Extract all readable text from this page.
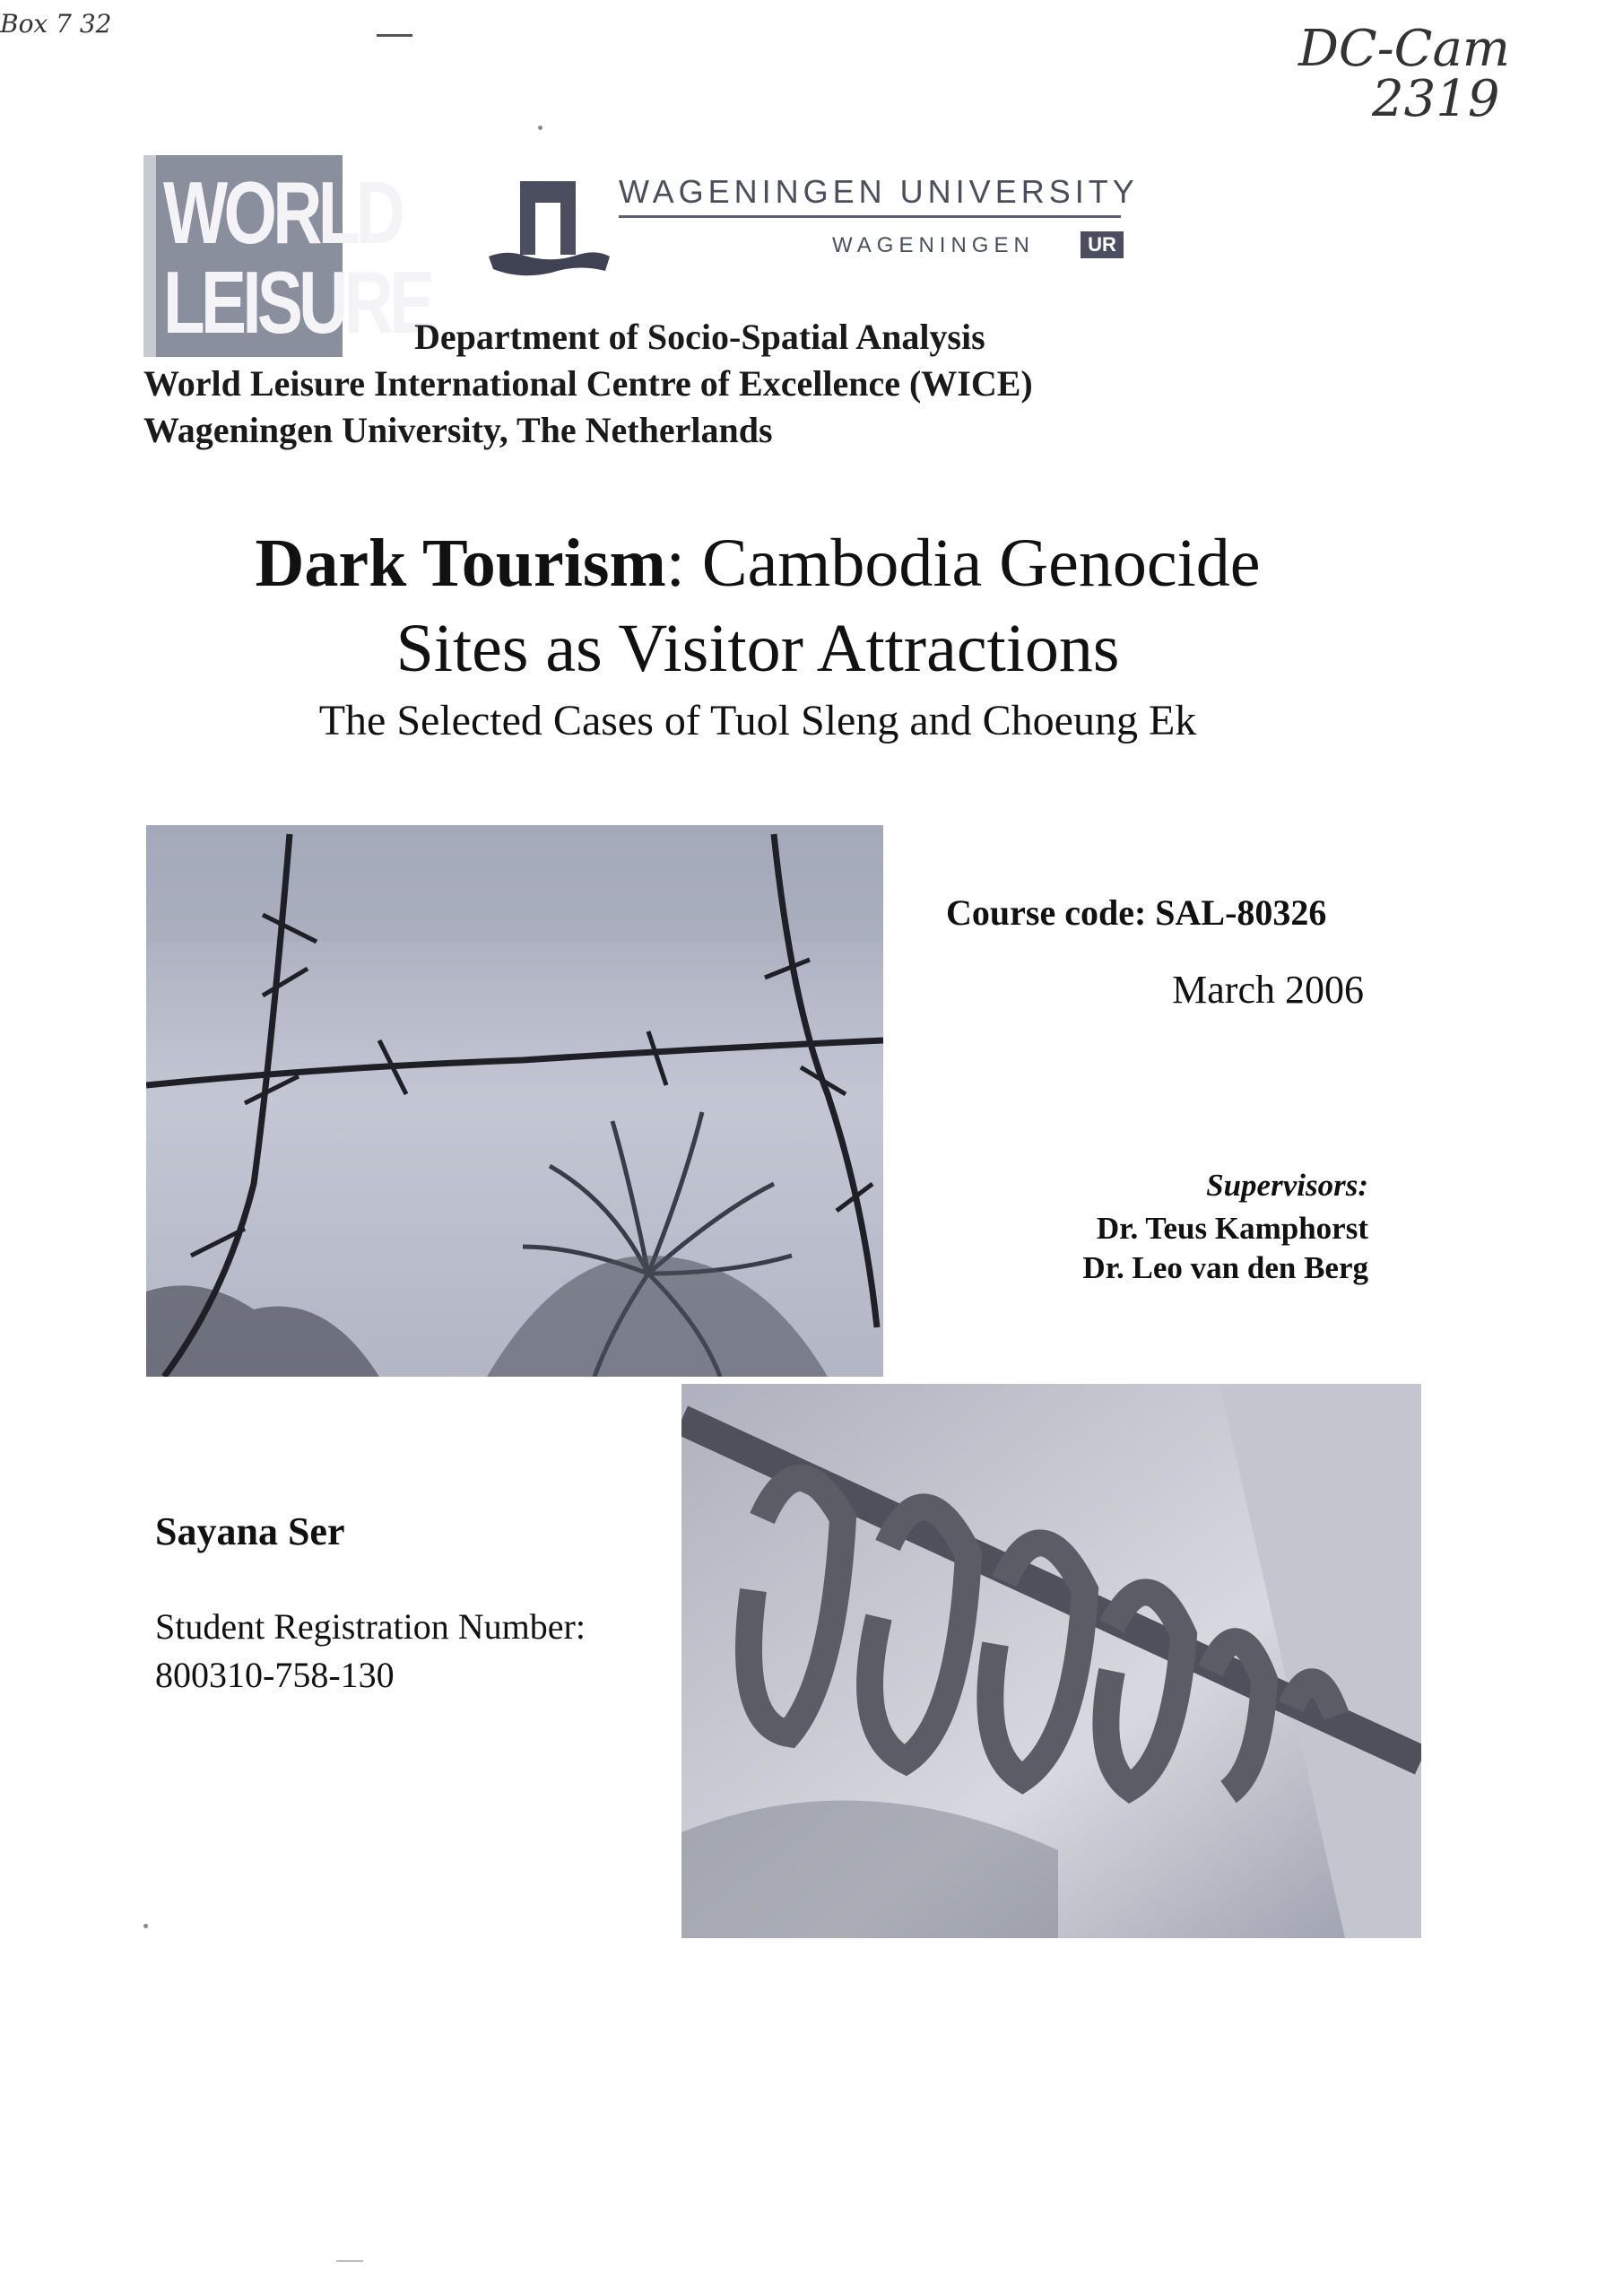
Box 7 32	DC-Cam
2319
WORLD
LEISURE
WAGENINGEN UNIVERSITY
WAGENINGEN	UR
Department of Socio-Spatial Analysis
World Leisure International Centre of Excellence (WICE)
Wageningen University, The Netherlands
Dark Tourism: Cambodia Genocide
Sites as Visitor Attractions
The Selected Cases of Tuol Sleng and Choeung Ek
Course code: SAL-80326
March 2006
Supervisors:
Dr. Teus Kamphorst
Dr. Leo van den Berg
Sayana Ser
Student Registration Number:
800310-758-130
